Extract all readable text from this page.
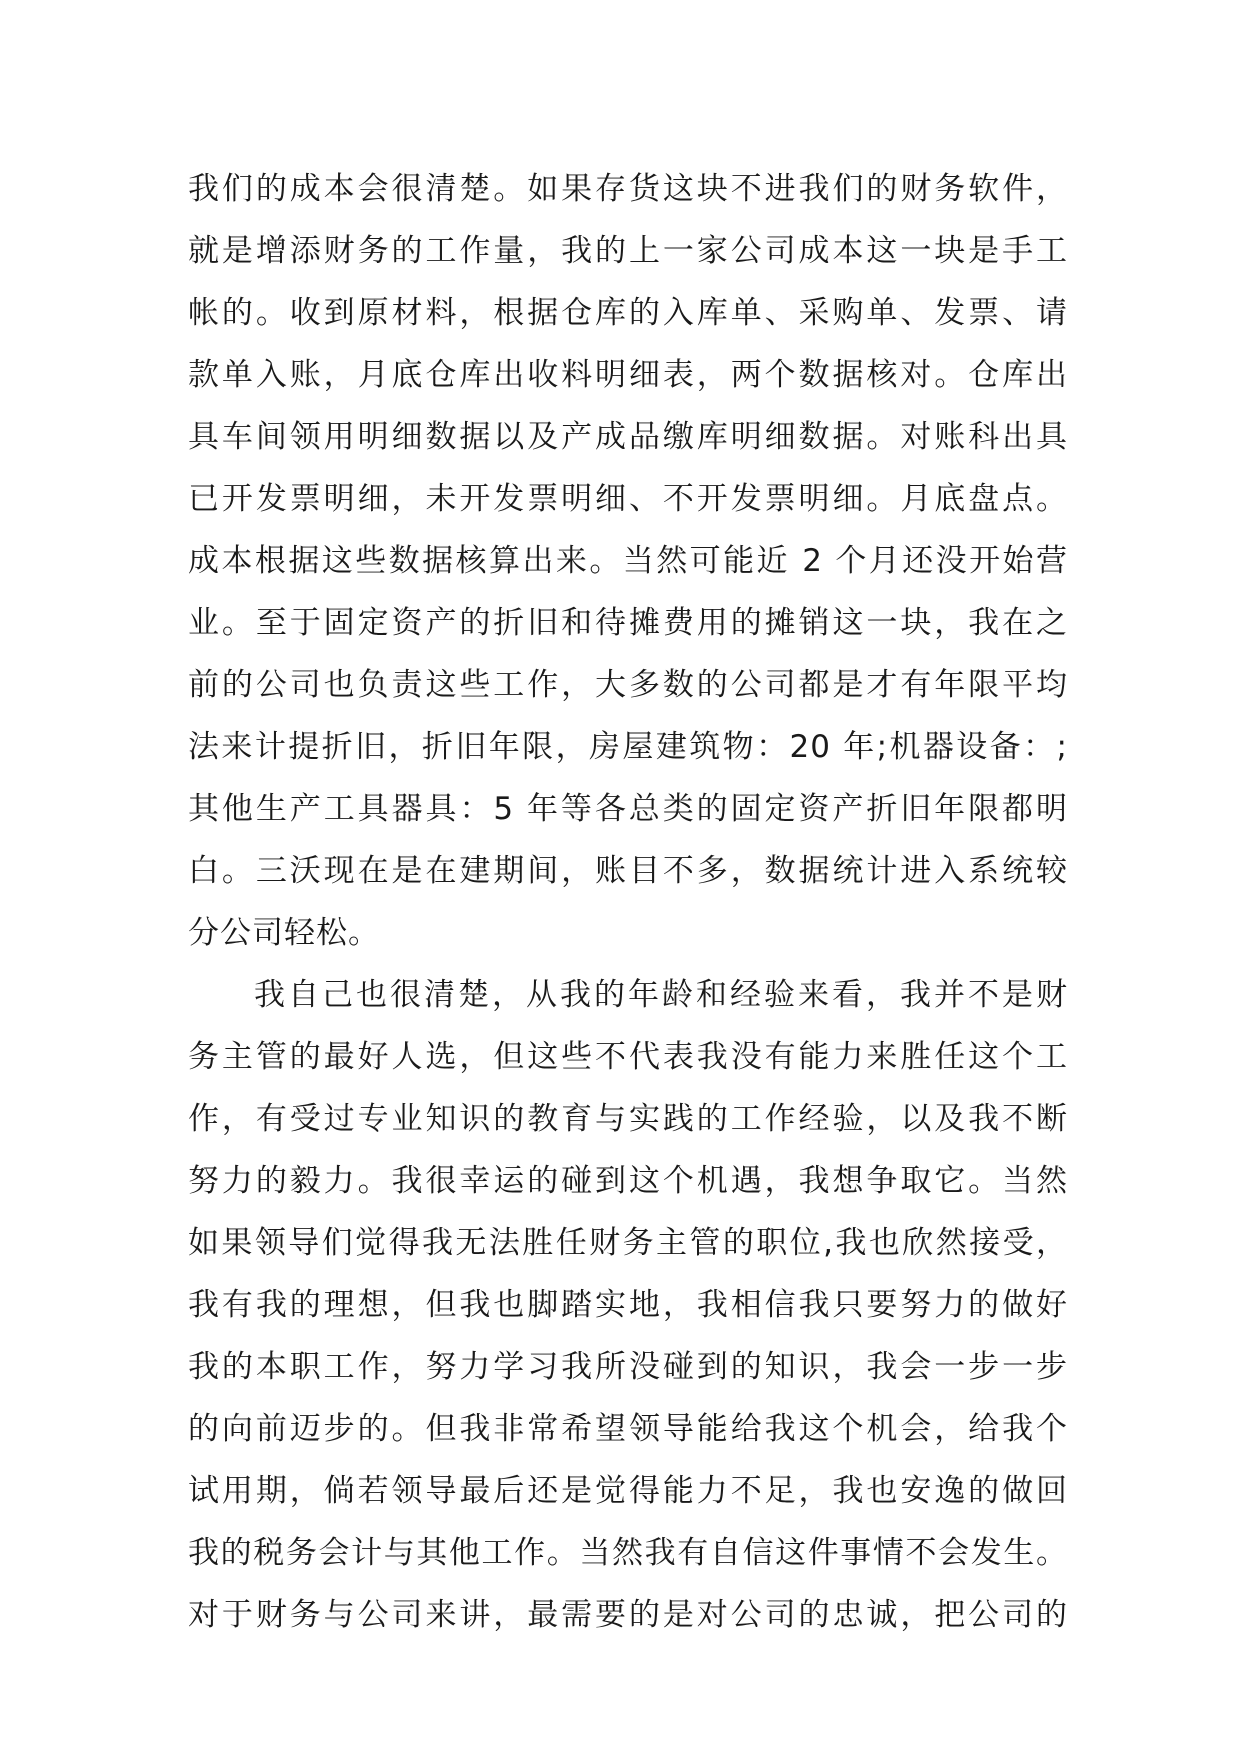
我们的成本会很清楚。如果存货这块不进我们的财务软件，
就是增添财务的工作量，我的上一家公司成本这一块是手工
帐的。收到原材料，根据仓库的入库单、采购单、发票、请
款单入账，月底仓库出收料明细表，两个数据核对。仓库出
具车间领用明细数据以及产成品缴库明细数据。对账科出具
已开发票明细，未开发票明细、不开发票明细。月底盘点。
成本根据这些数据核算出来。当然可能近 2 个月还没开始营
业。至于固定资产的折旧和待摊费用的摊销这一块，我在之
前的公司也负责这些工作，大多数的公司都是才有年限平均
法来计提折旧，折旧年限，房屋建筑物：20 年;机器设备：;
其他生产工具器具：5 年等各总类的固定资产折旧年限都明
白。三沃现在是在建期间，账目不多，数据统计进入系统较
分公司轻松。
我自己也很清楚，从我的年龄和经验来看，我并不是财
务主管的最好人选，但这些不代表我没有能力来胜任这个工
作，有受过专业知识的教育与实践的工作经验，以及我不断
努力的毅力。我很幸运的碰到这个机遇，我想争取它。当然
如果领导们觉得我无法胜任财务主管的职位,我也欣然接受，
我有我的理想，但我也脚踏实地，我相信我只要努力的做好
我的本职工作，努力学习我所没碰到的知识，我会一步一步
的向前迈步的。但我非常希望领导能给我这个机会，给我个
试用期，倘若领导最后还是觉得能力不足，我也安逸的做回
我的税务会计与其他工作。当然我有自信这件事情不会发生。
对于财务与公司来讲，最需要的是对公司的忠诚，把公司的
